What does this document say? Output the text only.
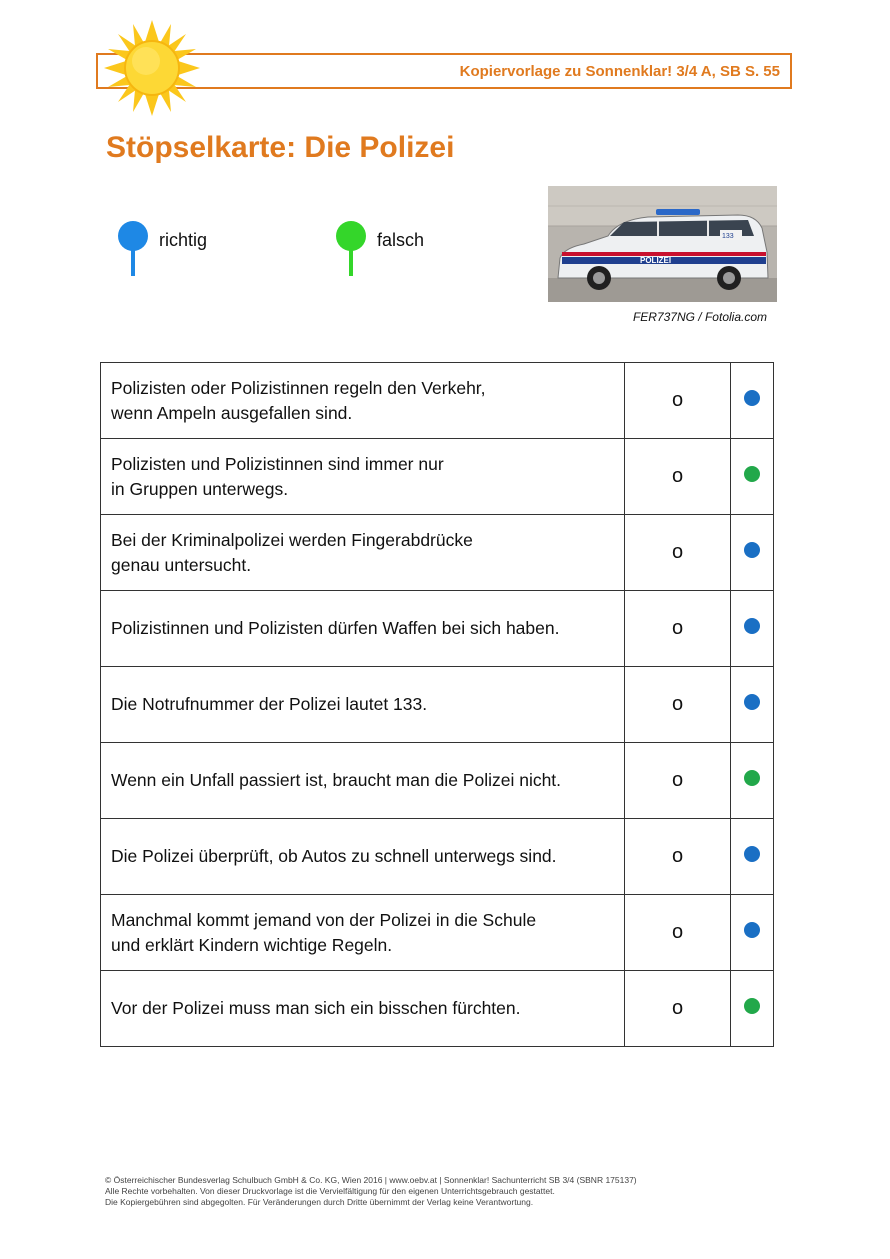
Kopiervorlage zu Sonnenklar! 3/4 A, SB S. 55
Stöpselkarte: Die Polizei
richtig	falsch
POLIZEI
133
FER737NG / Fotolia.com
Polizisten oder Polizistinnen regeln den Verkehr,
wenn Ampeln ausgefallen sind.	o	
Polizisten und Polizistinnen sind immer nur
in Gruppen unterwegs.	o	
Bei der Kriminalpolizei werden Fingerabdrücke
genau untersucht.	o	
Polizistinnen und Polizisten dürfen Waffen bei sich haben.	o	
Die Notrufnummer der Polizei lautet 133.	o	
Wenn ein Unfall passiert ist, braucht man die Polizei nicht.	o	
Die Polizei überprüft, ob Autos zu schnell unterwegs sind.	o	
Manchmal kommt jemand von der Polizei in die Schule
und erklärt Kindern wichtige Regeln.	o	
Vor der Polizei muss man sich ein bisschen fürchten.	o	
© Österreichischer Bundesverlag Schulbuch GmbH & Co. KG, Wien 2016 | www.oebv.at | Sonnenklar! Sachunterricht SB 3/4 (SBNR 175137)
Alle Rechte vorbehalten. Von dieser Druckvorlage ist die Vervielfältigung für den eigenen Unterrichtsgebrauch gestattet.
Die Kopiergebühren sind abgegolten. Für Veränderungen durch Dritte übernimmt der Verlag keine Verantwortung.
